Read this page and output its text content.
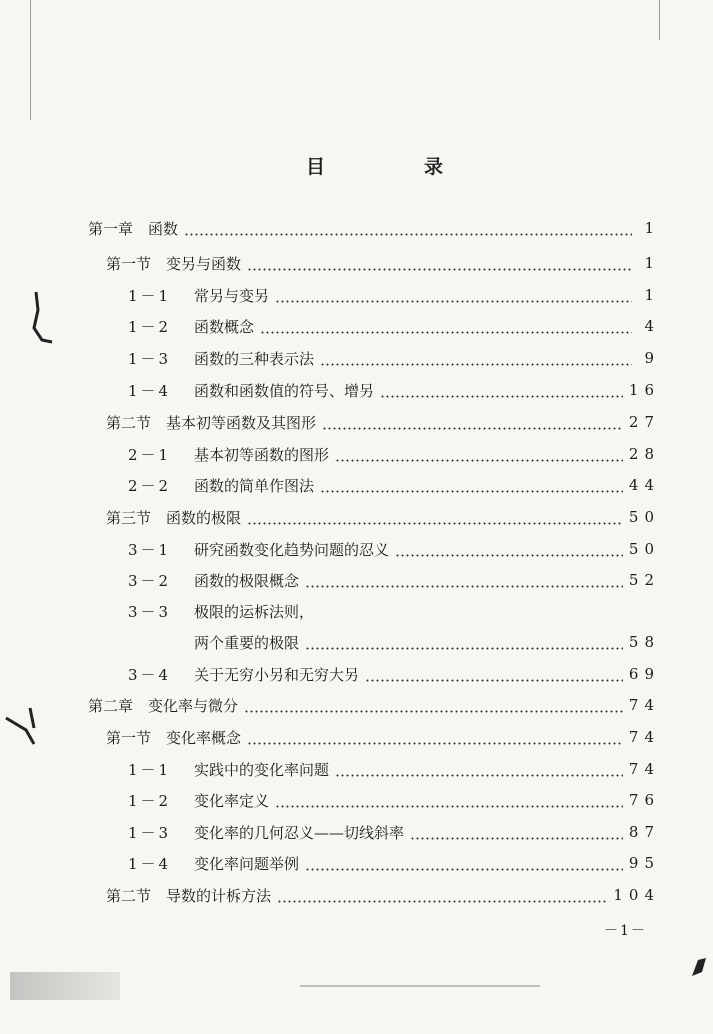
目	录
第一章　函数	1
第一节　变另与函数	1
1－1	常另与变另	1
1－2	函数概念	4
1－3	函数的三种表示法	9
1－4	函数和函数值的符号、增另	16
第二节　基本初等函数及其图形	27
2－1	基本初等函数的图形	28
2－2	函数的简单作图法	44
第三节　函数的极限	50
3－1	研究函数变化趋势问题的忍义	50
3－2	函数的极限概念	52
3－3	极限的运柝法则，
两个重要的极限	58
3－4	关于无穷小另和无穷大另	69
第二章　变化率与微分	74
第一节　变化率概念	74
1－1	实践中的变化率问题	74
1－2	变化率定义	76
1－3	变化率的几何忍义——切线斜率	87
1－4	变化率问题举例	95
第二节　导数的计柝方法	104
－1－
